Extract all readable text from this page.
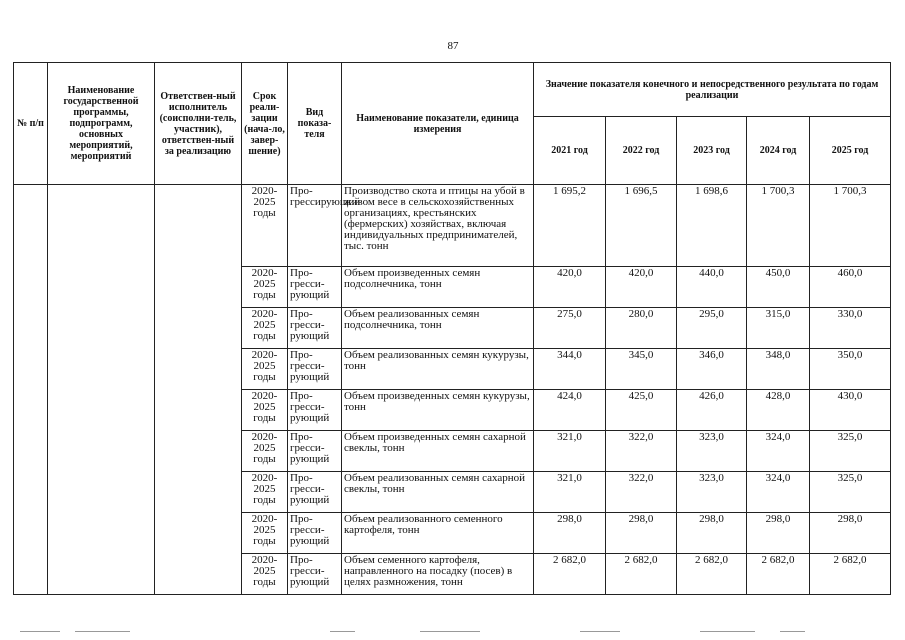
87
№ п/п	Наименование государственной программы, подпрограмм, основных мероприятий, мероприятий	Ответствен-ный исполнитель (соисполни-тель, участник), ответствен-ный за реализацию	Срок реали-зации (нача-ло, завер-шение)	Вид показа-теля	Наименование показатели, единица измерения	Значение показателя конечного и непосредственного результата по годам реализации				
						2021 год	2022 год	2023 год	2024 год	2025 год
			2020-2025 годы	Про-грессирующий	Производство скота и птицы на убой в живом весе в сельскохозяйственных организациях, крестьянских (фермерских) хозяйствах, включая индивидуальных предпринимателей, тыс. тонн	1 695,2	1 696,5	1 698,6	1 700,3	1 700,3
			2020-2025 годы	Про-гресси-рующий	Объем произведенных семян подсолнечника, тонн	420,0	420,0	440,0	450,0	460,0
			2020-2025 годы	Про-гресси-рующий	Объем реализованных семян подсолнечника, тонн	275,0	280,0	295,0	315,0	330,0
			2020-2025 годы	Про-гресси-рующий	Объем реализованных семян кукурузы, тонн	344,0	345,0	346,0	348,0	350,0
			2020-2025 годы	Про-гресси-рующий	Объем произведенных семян кукурузы, тонн	424,0	425,0	426,0	428,0	430,0
			2020-2025 годы	Про-гресси-рующий	Объем произведенных семян сахарной свеклы, тонн	321,0	322,0	323,0	324,0	325,0
			2020-2025 годы	Про-гресси-рующий	Объем реализованных семян сахарной свеклы, тонн	321,0	322,0	323,0	324,0	325,0
			2020-2025 годы	Про-гресси-рующий	Объем реализованного семенного картофеля, тонн	298,0	298,0	298,0	298,0	298,0
			2020-2025 годы	Про-гресси-рующий	Объем семенного картофеля, направленного на посадку (посев) в целях размножения, тонн	2 682,0	2 682,0	2 682,0	2 682,0	2 682,0
